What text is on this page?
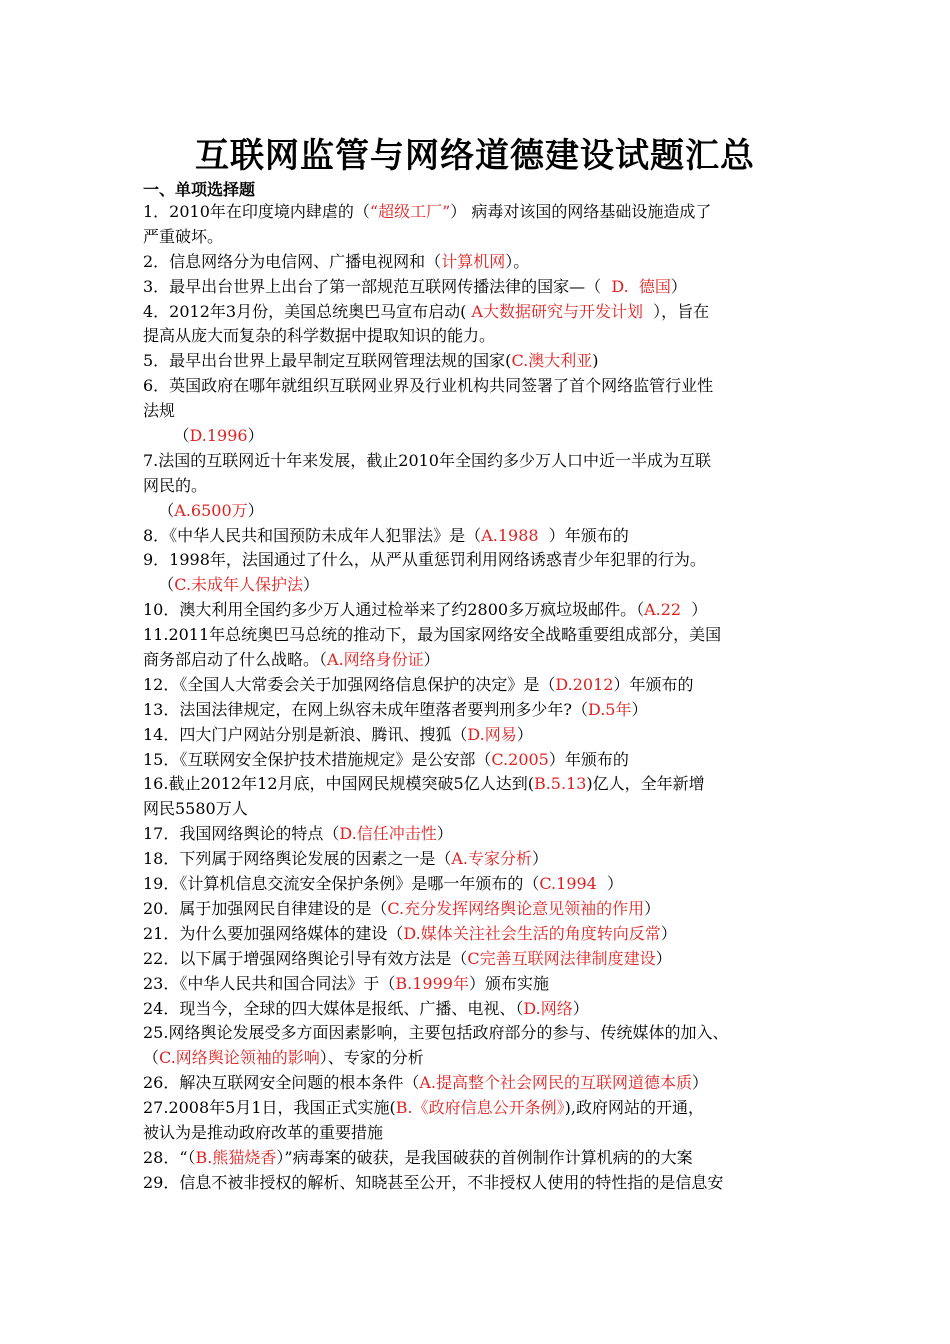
互联网监管与网络道德建设试题汇总
一、单项选择题
1．2010年在印度境内肆虐的（“超级工厂”） 病毒对该国的网络基础设施造成了
严重破坏。
2．信息网络分为电信网、广播电视网和（计算机网）。
3．最早出台世界上出台了第一部规范互联网传播法律的国家—（  D.  德国）
4．2012年3月份，美国总统奥巴马宣布启动( A大数据研究与开发计划  ），旨在
提高从庞大而复杂的科学数据中提取知识的能力。
5．最早出台世界上最早制定互联网管理法规的国家(C.澳大利亚)
6．英国政府在哪年就组织互联网业界及行业机构共同签署了首个网络监管行业性
法规
（D.1996）
7.法国的互联网近十年来发展，截止2010年全国约多少万人口中近一半成为互联
网民的。
（A.6500万）
8．《中华人民共和国预防未成年人犯罪法》是（A.1988  ）年颁布的
9．1998年，法国通过了什么，从严从重惩罚利用网络诱惑青少年犯罪的行为。
（C.未成年人保护法）
10．澳大利用全国约多少万人通过检举来了约2800多万疯垃圾邮件。（A.22  ）
11.2011年总统奥巴马总统的推动下，最为国家网络安全战略重要组成部分，美国
商务部启动了什么战略。（A.网络身份证）
12．《全国人大常委会关于加强网络信息保护的决定》是（D.2012）年颁布的
13．法国法律规定，在网上纵容未成年堕落者要判刑多少年?（D.5年）
14．四大门户网站分别是新浪、腾讯、搜狐（D.网易）
15．《互联网安全保护技术措施规定》是公安部（C.2005）年颁布的
16.截止2012年12月底，中国网民规模突破5亿人达到(B.5.13)亿人，全年新增
网民5580万人
17．我国网络舆论的特点（D.信任冲击性）
18．下列属于网络舆论发展的因素之一是（A.专家分析）
19．《计算机信息交流安全保护条例》是哪一年颁布的（C.1994  ）
20．属于加强网民自律建设的是（C.充分发挥网络舆论意见领袖的作用）
21．为什么要加强网络媒体的建设（D.媒体关注社会生活的角度转向反常）
22．以下属于增强网络舆论引导有效方法是（C完善互联网法律制度建设）
23．《中华人民共和国合同法》于（B.1999年）颁布实施
24．现当今，全球的四大媒体是报纸、广播、电视、（D.网络）
25.网络舆论发展受多方面因素影响，主要包括政府部分的参与、传统媒体的加入、
（C.网络舆论领袖的影响）、专家的分析
26．解决互联网安全问题的根本条件（A.提高整个社会网民的互联网道德本质）
27.2008年5月1日，我国正式实施(B.《政府信息公开条例》),政府网站的开通，
被认为是推动政府改革的重要措施
28．“（B.熊猫烧香）”病毒案的破获，是我国破获的首例制作计算机病的的大案
29．信息不被非授权的解析、知晓甚至公开，不非授权人使用的特性指的是信息安
